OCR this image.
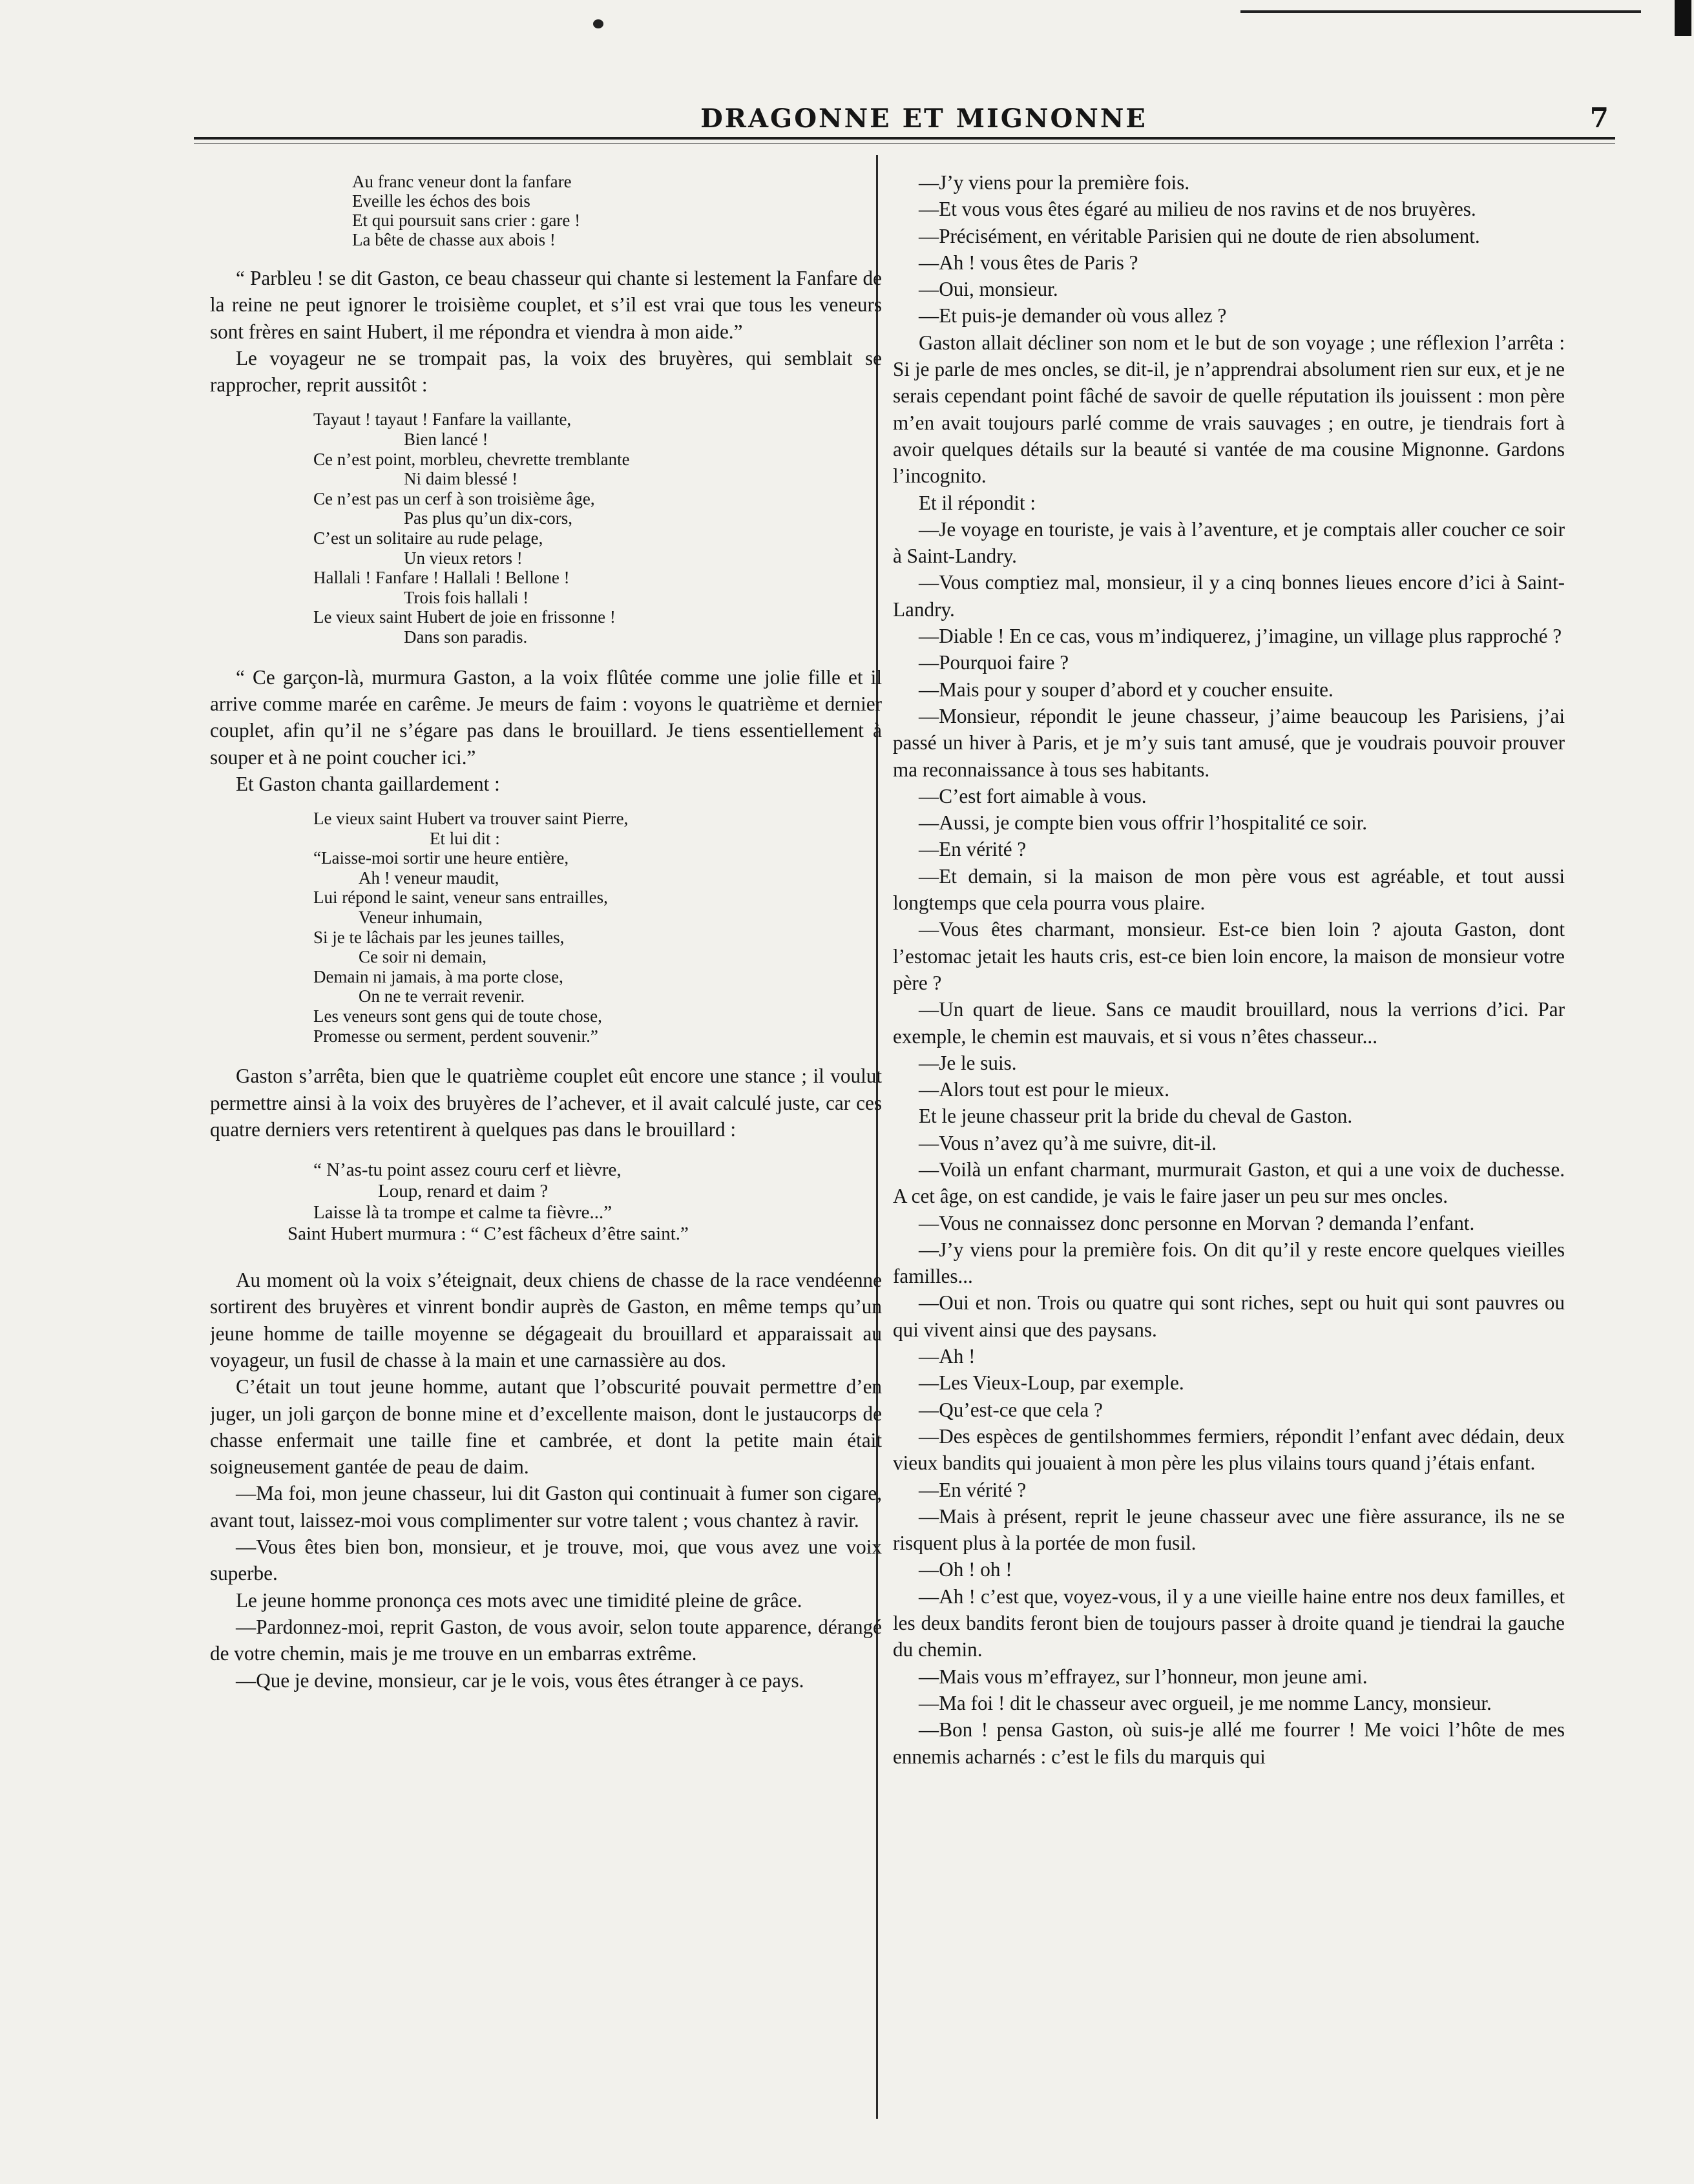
DRAGONNE ET MIGNONNE	7
Au franc veneur dont la fanfare
Eveille les échos des bois
Et qui poursuit sans crier : gare !
La bête de chasse aux abois !

“ Parbleu ! se dit Gaston, ce beau chasseur qui chante si lestement la Fanfare de la reine ne peut ignorer le troisième couplet, et s’il est vrai que tous les veneurs sont frères en saint Hubert, il me répondra et viendra à mon aide.”

Le voyageur ne se trompait pas, la voix des bruyères, qui semblait se rapprocher, reprit aussitôt :

Tayaut ! tayaut ! Fanfare la vaillante,
Bien lancé !
Ce n’est point, morbleu, chevrette tremblante
Ni daim blessé !
Ce n’est pas un cerf à son troisième âge,
Pas plus qu’un dix-cors,
C’est un solitaire au rude pelage,
Un vieux retors !
Hallali ! Fanfare ! Hallali ! Bellone !
Trois fois hallali !
Le vieux saint Hubert de joie en frissonne !
Dans son paradis.

“ Ce garçon-là, murmura Gaston, a la voix flûtée comme une jolie fille et il arrive comme marée en carême. Je meurs de faim : voyons le quatrième et dernier couplet, afin qu’il ne s’égare pas dans le brouillard. Je tiens essentiellement à souper et à ne point coucher ici.”

Et Gaston chanta gaillardement :

Le vieux saint Hubert va trouver saint Pierre,
Et lui dit :
“Laisse-moi sortir une heure entière,
Ah ! veneur maudit,
Lui répond le saint, veneur sans entrailles,
Veneur inhumain,
Si je te lâchais par les jeunes tailles,
Ce soir ni demain,
Demain ni jamais, à ma porte close,
On ne te verrait revenir.
Les veneurs sont gens qui de toute chose,
Promesse ou serment, perdent souvenir.”

Gaston s’arrêta, bien que le quatrième couplet eût encore une stance ; il voulut permettre ainsi à la voix des bruyères de l’achever, et il avait calculé juste, car ces quatre derniers vers retentirent à quelques pas dans le brouillard :

“ N’as-tu point assez couru cerf et lièvre,
Loup, renard et daim ?
Laisse là ta trompe et calme ta fièvre...”
Saint Hubert murmura : “ C’est fâcheux d’être saint.”

Au moment où la voix s’éteignait, deux chiens de chasse de la race vendéenne sortirent des bruyères et vinrent bondir auprès de Gaston, en même temps qu’un jeune homme de taille moyenne se dégageait du brouillard et apparaissait au voyageur, un fusil de chasse à la main et une carnassière au dos.

C’était un tout jeune homme, autant que l’obscurité pouvait permettre d’en juger, un joli garçon de bonne mine et d’excellente maison, dont le justaucorps de chasse enfermait une taille fine et cambrée, et dont la petite main était soigneusement gantée de peau de daim.

—Ma foi, mon jeune chasseur, lui dit Gaston qui continuait à fumer son cigare, avant tout, laissez-moi vous complimenter sur votre talent ; vous chantez à ravir.

—Vous êtes bien bon, monsieur, et je trouve, moi, que vous avez une voix superbe.

Le jeune homme prononça ces mots avec une timidité pleine de grâce.

—Pardonnez-moi, reprit Gaston, de vous avoir, selon toute apparence, dérangé de votre chemin, mais je me trouve en un embarras extrême.

—Que je devine, monsieur, car je le vois, vous êtes étranger à ce pays.

—J’y viens pour la première fois.

—Et vous vous êtes égaré au milieu de nos ravins et de nos bruyères.

—Précisément, en véritable Parisien qui ne doute de rien absolument.

—Ah ! vous êtes de Paris ?

—Oui, monsieur.

—Et puis-je demander où vous allez ?

Gaston allait décliner son nom et le but de son voyage ; une réflexion l’arrêta : Si je parle de mes oncles, se dit-il, je n’apprendrai absolument rien sur eux, et je ne serais cependant point fâché de savoir de quelle réputation ils jouissent : mon père m’en avait toujours parlé comme de vrais sauvages ; en outre, je tiendrais fort à avoir quelques détails sur la beauté si vantée de ma cousine Mignonne. Gardons l’incognito.

Et il répondit :

—Je voyage en touriste, je vais à l’aventure, et je comptais aller coucher ce soir à Saint-Landry.

—Vous comptiez mal, monsieur, il y a cinq bonnes lieues encore d’ici à Saint-Landry.

—Diable ! En ce cas, vous m’indiquerez, j’imagine, un village plus rapproché ?

—Pourquoi faire ?

—Mais pour y souper d’abord et y coucher ensuite.

—Monsieur, répondit le jeune chasseur, j’aime beaucoup les Parisiens, j’ai passé un hiver à Paris, et je m’y suis tant amusé, que je voudrais pouvoir prouver ma reconnaissance à tous ses habitants.

—C’est fort aimable à vous.

—Aussi, je compte bien vous offrir l’hospitalité ce soir.

—En vérité ?

—Et demain, si la maison de mon père vous est agréable, et tout aussi longtemps que cela pourra vous plaire.

—Vous êtes charmant, monsieur. Est-ce bien loin ? ajouta Gaston, dont l’estomac jetait les hauts cris, est-ce bien loin encore, la maison de monsieur votre père ?

—Un quart de lieue. Sans ce maudit brouillard, nous la verrions d’ici. Par exemple, le chemin est mauvais, et si vous n’êtes chasseur...

—Je le suis.

—Alors tout est pour le mieux.

Et le jeune chasseur prit la bride du cheval de Gaston.

—Vous n’avez qu’à me suivre, dit-il.

—Voilà un enfant charmant, murmurait Gaston, et qui a une voix de duchesse. A cet âge, on est candide, je vais le faire jaser un peu sur mes oncles.

—Vous ne connaissez donc personne en Morvan ? demanda l’enfant.

—J’y viens pour la première fois. On dit qu’il y reste encore quelques vieilles familles...

—Oui et non. Trois ou quatre qui sont riches, sept ou huit qui sont pauvres ou qui vivent ainsi que des paysans.

—Ah !

—Les Vieux-Loup, par exemple.

—Qu’est-ce que cela ?

—Des espèces de gentilshommes fermiers, répondit l’enfant avec dédain, deux vieux bandits qui jouaient à mon père les plus vilains tours quand j’étais enfant.

—En vérité ?

—Mais à présent, reprit le jeune chasseur avec une fière assurance, ils ne se risquent plus à la portée de mon fusil.

—Oh ! oh !

—Ah ! c’est que, voyez-vous, il y a une vieille haine entre nos deux familles, et les deux bandits feront bien de toujours passer à droite quand je tiendrai la gauche du chemin.

—Mais vous m’effrayez, sur l’honneur, mon jeune ami.

—Ma foi ! dit le chasseur avec orgueil, je me nomme Lancy, monsieur.

—Bon ! pensa Gaston, où suis-je allé me fourrer ! Me voici l’hôte de mes ennemis acharnés : c’est le fils du marquis qui
